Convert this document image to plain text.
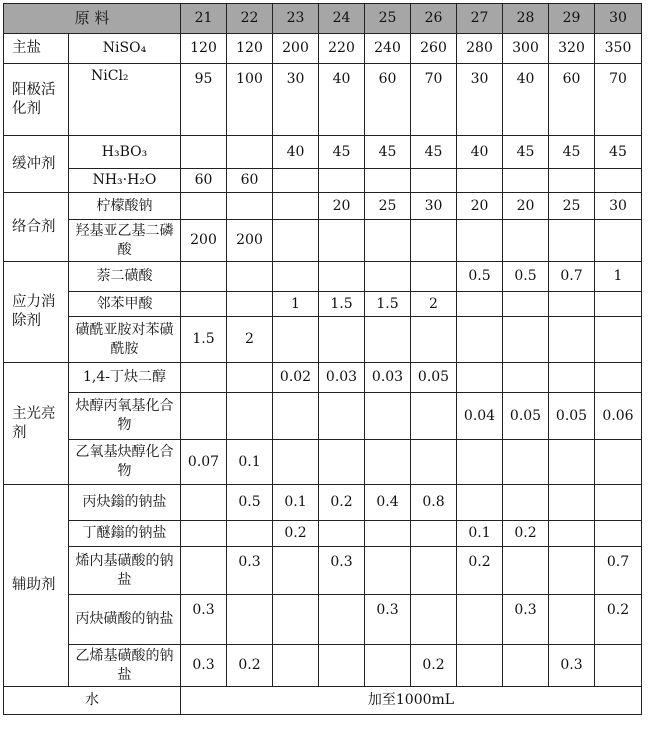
原 料		21	22	23	24	25	26	27	28	29	30
主盐	NiSO₄	120	120	200	220	240	260	280	300	320	350
阳极活化剂	NiCl₂	95	100	30	40	60	70	30	40	60	70
缓冲剂	H₃BO₃			40	45	45	45	40	45	45	45
	NH₃·H₂O	60	60								
络合剂	柠檬酸钠				20	25	30	20	20	25	30
	羟基亚乙基二磷酸	200	200								
应力消除剂	萘二磺酸							0.5	0.5	0.7	1
	邻苯甲酸			1	1.5	1.5	2				
	磺酰亚胺对苯磺酰胺	1.5	2								
主光亮剂	1,4-丁炔二醇			0.02	0.03	0.03	0.05				
	炔醇丙氧基化合物							0.04	0.05	0.05	0.06
	乙氧基炔醇化合物	0.07	0.1								
辅助剂	丙炔鎓的钠盐		0.5	0.1	0.2	0.4	0.8				
	丁醚鎓的钠盐			0.2				0.1	0.2		
	烯内基磺酸的钠盐		0.3		0.3			0.2			0.7
	丙炔磺酸的钠盐	0.3				0.3			0.3		0.2
	乙烯基磺酸的钠盐	0.3	0.2				0.2			0.3	
水		加至1000mL									
